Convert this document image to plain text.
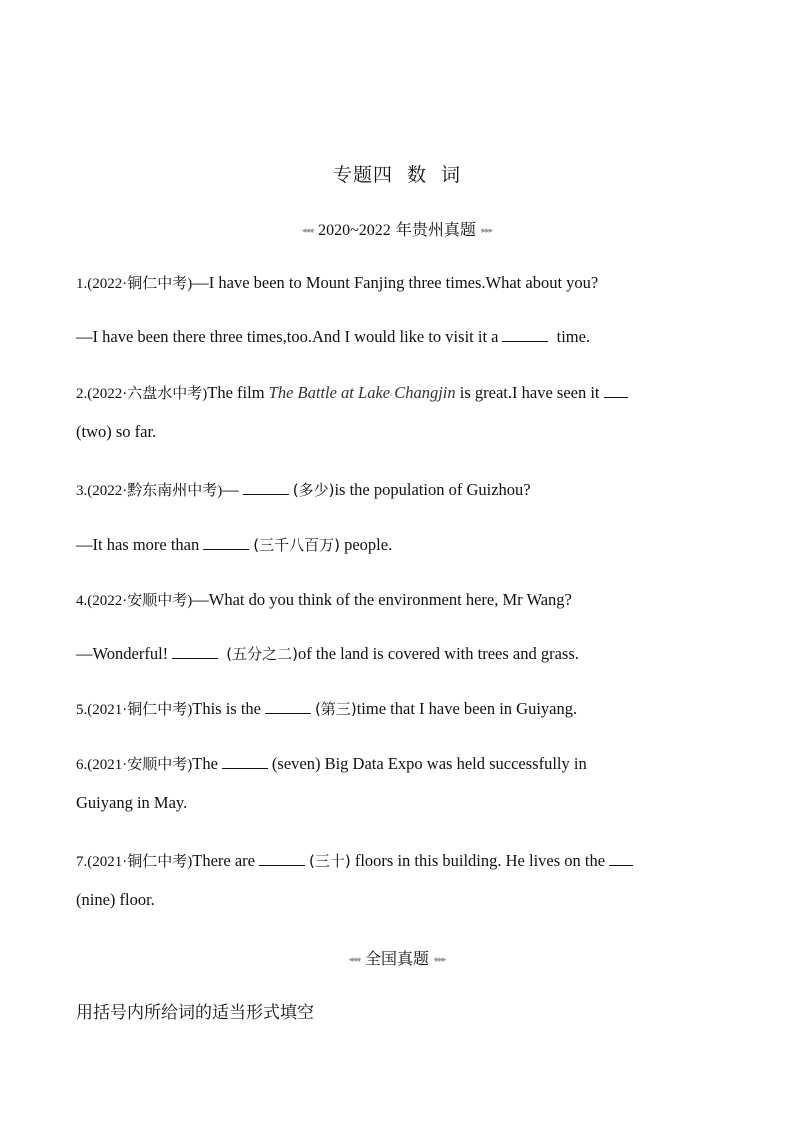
专题四 数 词
◂◂◂· 2020~2022 年贵州真题 ·▸▸▸
1.(2022·铜仁中考)—I have been to Mount Fanjing three times.What about you?
—I have been there three times,too.And I would like to visit it a	time.
2.(2022·六盘水中考)The film The Battle at Lake Changjin is great.I have seen it
(two) so far.
3.(2022·黔东南州中考)—	(多少)is the population of Guizhou?
—It has more than	(三千八百万) people.
4.(2022·安顺中考)—What do you think of the environment here, Mr Wang?
—Wonderful!	(五分之二)of the land is covered with trees and grass.
5.(2021·铜仁中考)This is the	(第三)time that I have been in Guiyang.
6.(2021·安顺中考)The	(seven) Big Data Expo was held successfully in
Guiyang in May.
7.(2021·铜仁中考)There are	(三十) floors in this building. He lives on the
(nine) floor.
◂◂◂· 全国真题 ·▸▸▸
用括号内所给词的适当形式填空
